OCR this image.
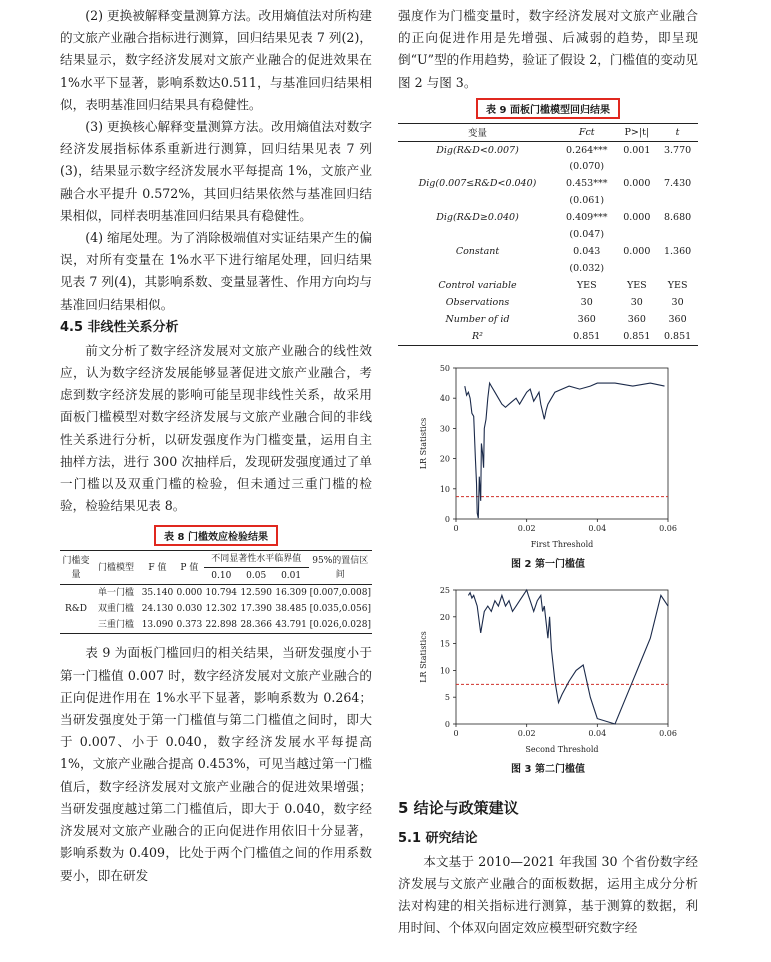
(2) 更换被解释变量测算方法。改用熵值法对所构建的文旅产业融合指标进行测算，回归结果见表 7 列(2)，结果显示，数字经济发展对文旅产业融合的促进效果在 1%水平下显著，影响系数达0.511，与基准回归结果相似，表明基准回归结果具有稳健性。

(3) 更换核心解释变量测算方法。改用熵值法对数字经济发展指标体系重新进行测算，回归结果见表 7 列(3)，结果显示数字经济发展水平每提高 1%，文旅产业融合水平提升 0.572%，其回归结果依然与基准回归结果相似，同样表明基准回归结果具有稳健性。

(4) 缩尾处理。为了消除极端值对实证结果产生的偏误，对所有变量在 1%水平下进行缩尾处理，回归结果见表 7 列(4)，其影响系数、变量显著性、作用方向均与基准回归结果相似。

4.5 非线性关系分析

前文分析了数字经济发展对文旅产业融合的线性效应，认为数字经济发展能够显著促进文旅产业融合，考虑到数字经济发展的影响可能呈现非线性关系，故采用面板门槛模型对数字经济发展与文旅产业融合间的非线性关系进行分析，以研发强度作为门槛变量，运用自主抽样方法，进行 300 次抽样后，发现研发强度通过了单一门槛以及双重门槛的检验，但未通过三重门槛的检验，检验结果见表 8。

表 8 门槛效应检验结果
门槛变量	门槛模型	F 值	P 值	不同显著性水平临界值			95%的置信区间
				0.10	0.05	0.01	
R&D	单一门槛	35.140	0.000	10.794	12.590	16.309	[0.007,0.008]
	双重门槛	24.130	0.030	12.302	17.390	38.485	[0.035,0.056]
	三重门槛	13.090	0.373	22.898	28.366	43.791	[0.026,0.028]

表 9 为面板门槛回归的相关结果，当研发强度小于第一门槛值 0.007 时，数字经济发展对文旅产业融合的正向促进作用在 1%水平下显著，影响系数为 0.264；当研发强度处于第一门槛值与第二门槛值之间时，即大于 0.007、小于 0.040，数字经济发展水平每提高 1%，文旅产业融合提高 0.453%，可见当越过第一门槛值后，数字经济发展对文旅产业融合的促进效果增强；当研发强度越过第二门槛值后，即大于 0.040，数字经济发展对文旅产业融合的正向促进作用依旧十分显著，影响系数为 0.409，比处于两个门槛值之间的作用系数要小，即在研发

强度作为门槛变量时，数字经济发展对文旅产业融合的正向促进作用是先增强、后减弱的趋势，即呈现倒“U”型的作用趋势，验证了假设 2，门槛值的变动见图 2 与图 3。

表 9 面板门槛模型回归结果
变量	Fct	P>|t|	t
Dig(R&D<0.007)	0.264***	0.001	3.770
	(0.070)		
Dig(0.007≤R&D<0.040)	0.453***	0.000	7.430
	(0.061)		
Dig(R&D≥0.040)	0.409***	0.000	8.680
	(0.047)		
Constant	0.043	0.000	1.360
	(0.032)		
Control variable	YES	YES	YES
Observations	30	30	30
Number of id	360	360	360
R²	0.851	0.851	0.851
0
10
20
30
40
50
0	0.02	0.04	0.06
First Threshold
LR Statistics
图 2 第一门槛值
0
5
10
15
20
25
0	0.02	0.04	0.06
Second Threshold
LR Statistics
图 3 第二门槛值
5 结论与政策建议
5.1 研究结论

本文基于 2010—2021 年我国 30 个省份数字经济发展与文旅产业融合的面板数据，运用主成分分析法对构建的相关指标进行测算，基于测算的数据，利用时间、个体双向固定效应模型研究数字经
